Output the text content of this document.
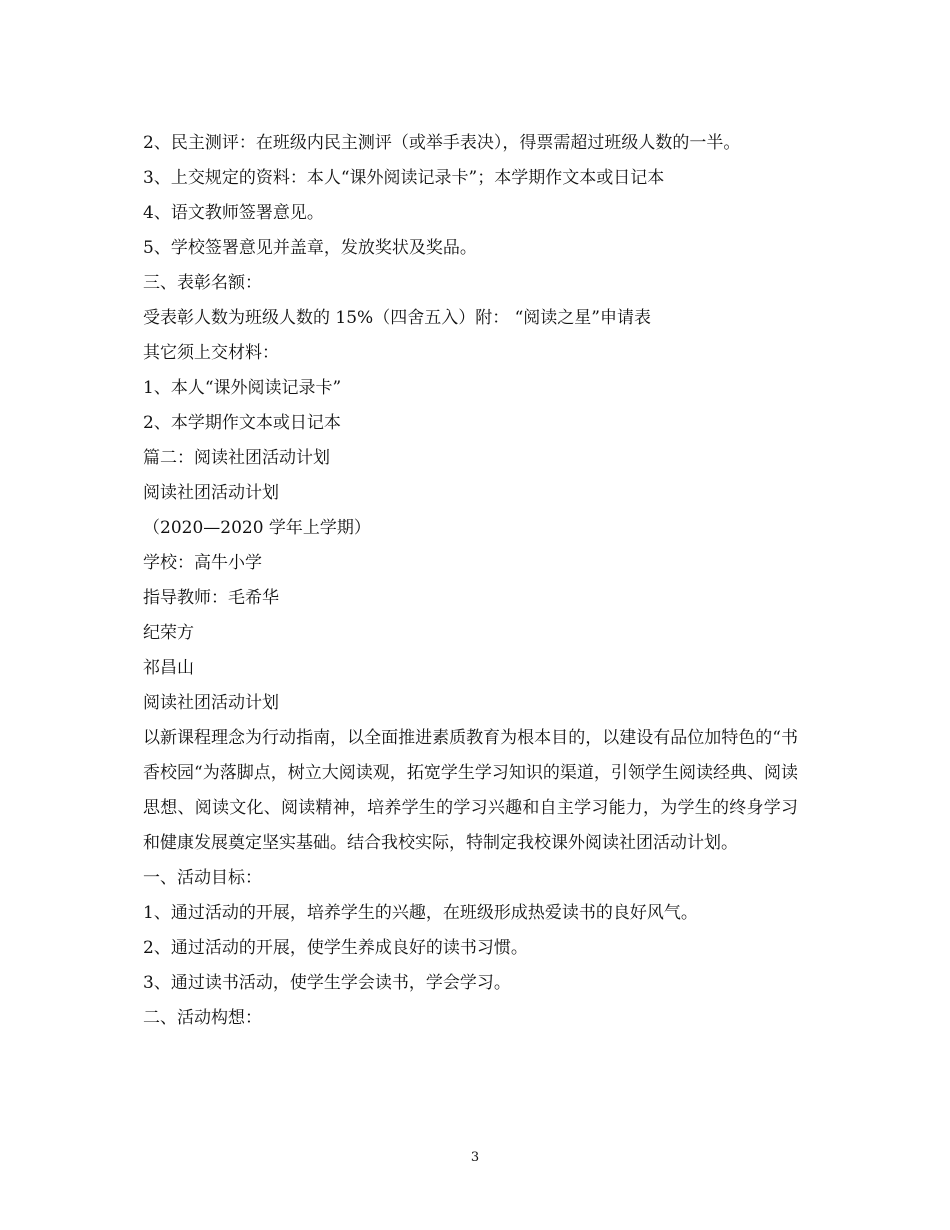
2、民主测评：在班级内民主测评（或举手表决），得票需超过班级人数的一半。

3、上交规定的资料：本人“课外阅读记录卡”；本学期作文本或日记本

4、语文教师签署意见。

5、学校签署意见并盖章，发放奖状及奖品。

三、表彰名额：

受表彰人数为班级人数的 15%（四舍五入）附： “阅读之星”申请表

其它须上交材料：

1、本人“课外阅读记录卡”

2、本学期作文本或日记本

篇二：阅读社团活动计划

阅读社团活动计划

（2020—2020 学年上学期）

学校：高牛小学

指导教师：毛希华

纪荣方

祁昌山

阅读社团活动计划

以新课程理念为行动指南，以全面推进素质教育为根本目的，以建设有品位加特色的“书香校园“为落脚点，树立大阅读观，拓宽学生学习知识的渠道，引领学生阅读经典、阅读思想、阅读文化、阅读精神，培养学生的学习兴趣和自主学习能力，为学生的终身学习和健康发展奠定坚实基础。结合我校实际，特制定我校课外阅读社团活动计划。

一、活动目标：

1、通过活动的开展，培养学生的兴趣，在班级形成热爱读书的良好风气。

2、通过活动的开展，使学生养成良好的读书习惯。

3、通过读书活动，使学生学会读书，学会学习。

二、活动构想：

3
